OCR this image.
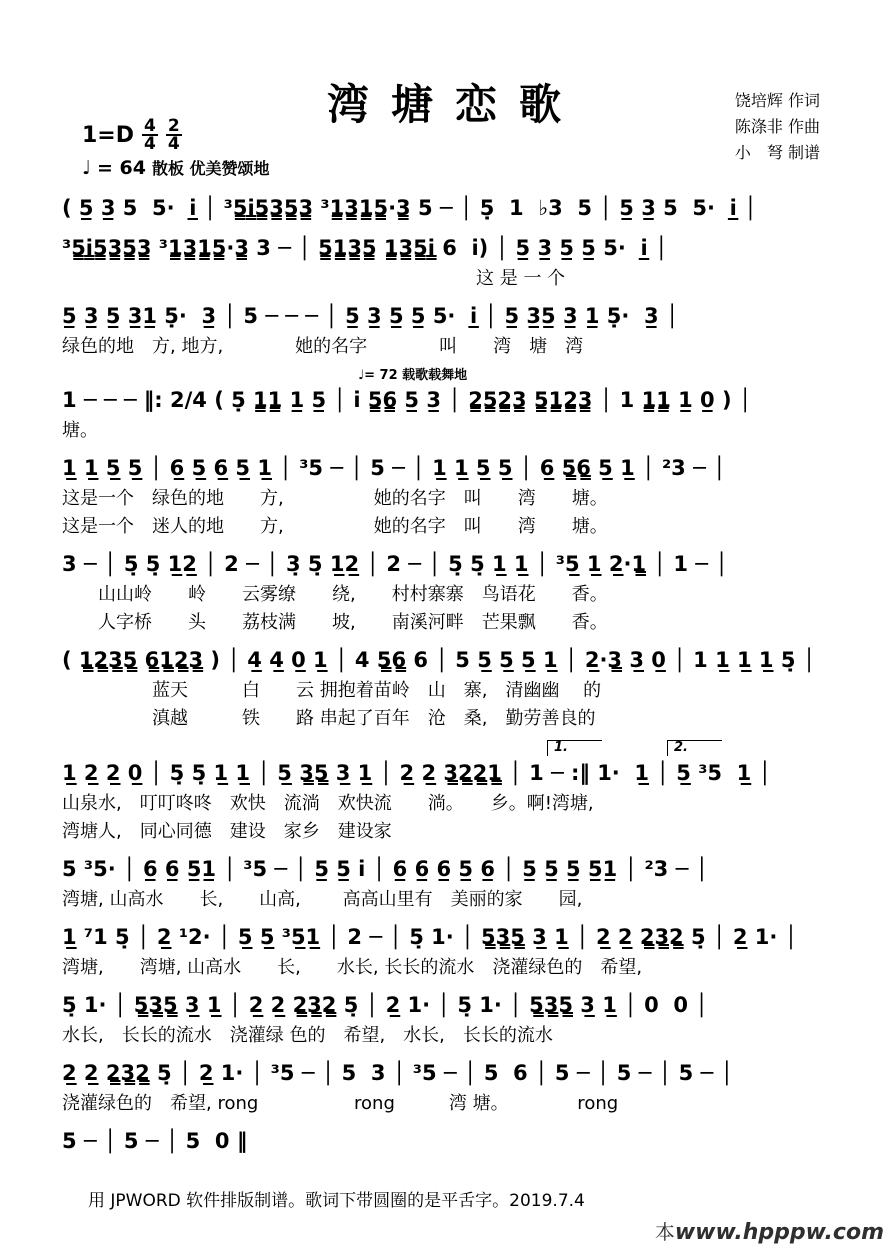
湾塘恋歌	饶培辉 作词
陈涤非 作曲
小　弩 制谱
$1=D \frac{4}{4} \frac{2}{4}$
♩ = 64 散板 优美赞颂地
( 5̲ 3̲ 5  5·  i̲ │ ³5̳i̳5̳3̳5̳3̳ ³1̳3̳1̳5̳·3̳ 5 ─ │ 5̣  1  ♭3  5 │ 5̲ 3̲ 5  5·  i̲ │
³5̳i̳5̳3̳5̳3̳ ³1̳3̳1̳5̳·3̳ 3 ─ │ 5̳1̳3̳5̳ 1̳3̳5̳i̳ 6  i) │ 5̲ 3̲ 5̲ 5̲ 5·  i̲ │
　　　　　　　　　　　　　　　　　　　　　　　这 是 一 个
5̲ 3̲ 5̲ 3̲1̲ 5̣·  3̲ │ 5 ─ ─ ─ │ 5̲ 3̲ 5̲ 5̲ 5·  i̲ │ 5̲ 3̲5̲ 3̲ 1̲ 5̣·  3̲ │
绿色的地　方, 地方,　　　　她的名字　　　　叫　　湾　塘　湾
♩= 72 载歌载舞地
1 ─ ─ ─ ‖: 2/4 ( 5̣ 1̳1̳ 1̲ 5̲ │ i 5̳6̳ 5̲ 3̲ │ 2̳5̳2̳3̳ 5̳1̳2̳3̳ │ 1 1̳1̳ 1̲ 0̲ ) │
塘。
1̲ 1̲ 5̲ 5̲ │ 6̲ 5̲ 6̲ 5̲ 1̲ │ ³5 ─ │ 5 ─ │ 1̲ 1̲ 5̲ 5̲ │ 6̲ 5̳6̳ 5̲ 1̲ │ ²3 ─ │
这是一个　绿色的地　　方,　　　　　她的名字　叫　　湾　　塘。
这是一个　迷人的地　　方,　　　　　她的名字　叫　　湾　　塘。
3 ─ │ 5̣ 5̣ 1̲2̲ │ 2 ─ │ 3̣ 5̣ 1̲2̲ │ 2 ─ │ 5̣ 5̣ 1̲ 1̲ │ ³5̲ 1̲ 2̲·1̳ │ 1 ─ │
　　山山岭　　岭　　云雾缭　　绕,　　村村寨寨　鸟语花　　香。
　　人字桥　　头　　荔枝满　　坡,　　南溪河畔　芒果飘　　香。
( 1̳2̳3̳5̳ 6̳1̳2̳3̳ ) │ 4̲ 4̲ 0̲ 1̲ │ 4 5̳6̳ 6 │ 5 5̲ 5̲ 5̲ 1̲ │ 2̲·3̳ 3̲ 0̲ │ 1 1̲ 1̲ 1̲ 5̣ │
　　　　　蓝天　　　白　　云 拥抱着苗岭　山　寨,　清幽幽　 的
　　　　　滇越　　　铁　　路 串起了百年　沧　桑,　勤劳善良的
1.	2.
1̲ 2̲ 2̲ 0̲ │ 5̣ 5̣ 1̲ 1̲ │ 5̲ 3̳5̳ 3̲ 1̲ │ 2̲ 2̲ 3̳2̳2̳1̳ │ 1 ─ :‖ 1·  1̲ │ 5̲ ³5  1̲ │
山泉水,　叮叮咚咚　欢快　流淌　欢快流　　淌。　　乡。啊!湾塘,
湾塘人,　同心同德　建设　家乡　建设家
5 ³5· │ 6̲ 6̲ 5̲1̲ │ ³5 ─ │ 5̲ 5̲ i │ 6̲ 6̲ 6̲ 5̲ 6̲ │ 5̲ 5̲ 5̲ 5̲1̲ │ ²3 ─ │
湾塘, 山高水　　长,　　山高,　　 高高山里有　美丽的家　　园,
1̲ ⁷1 5̣ │ 2̲ ¹2· │ 5̲ 5̲ ³5̲1̲ │ 2 ─ │ 5̣ 1· │ 5̳3̳5̳ 3̲ 1̲ │ 2̲ 2̲ 2̳3̳2̳ 5̣ │ 2̲ 1· │
湾塘,　　湾塘, 山高水　　长,　　水长, 长长的流水　浇灌绿色的　希望,
5̣ 1· │ 5̳3̳5̳ 3̲ 1̲ │ 2̲ 2̲ 2̳3̳2̳ 5̣ │ 2̲ 1· │ 5̣ 1· │ 5̳3̳5̳ 3̲ 1̲ │ 0  0 │
水长,　长长的流水　浇灌绿 色的　希望,　水长,　长长的流水
2̲ 2̲ 2̳3̳2̳ 5̣ │ 2̲ 1· │ ³5 ─ │ 5  3 │ ³5 ─ │ 5  6 │ 5 ─ │ 5 ─ │ 5 ─ │
浇灌绿色的　希望, rong　　　　　 rong　　　湾 塘。　　　　 rong
5 ─ │ 5 ─ │ 5  0 ‖
用 JPWORD 软件排版制谱。歌词下带圆圈的是平舌字。2019.7.4
本www.hpppw.com
